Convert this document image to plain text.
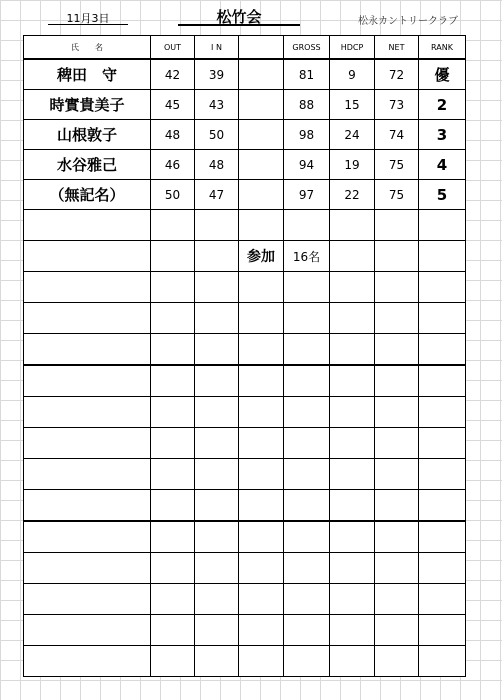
11月3日	松竹会	松永カントリークラブ
氏　　名	OUT	I N		GROSS	HDCP	NET	RANK
稗田　守	42	39		81	9	72	優
時實貴美子	45	43		88	15	73	2
山根敦子	48	50		98	24	74	3
水谷雅己	46	48		94	19	75	4
（無記名）	50	47		97	22	75	5

			参加	16名			
